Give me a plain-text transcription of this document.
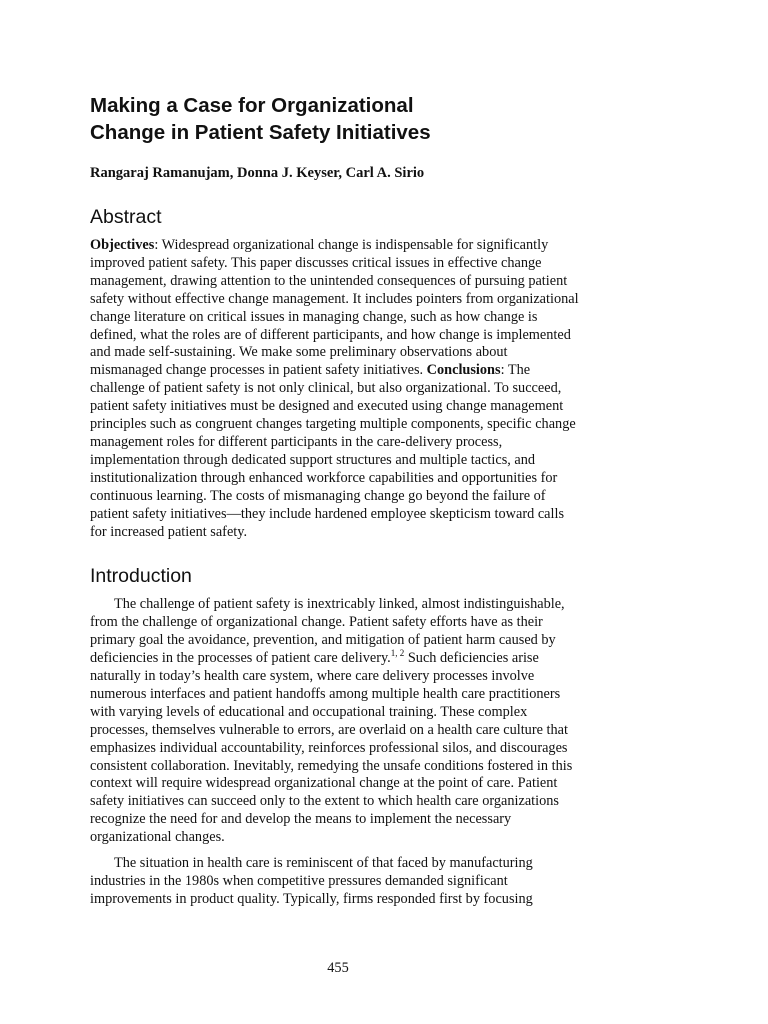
Making a Case for Organizational
Change in Patient Safety Initiatives
Rangaraj Ramanujam, Donna J. Keyser, Carl A. Sirio
Abstract

Objectives: Widespread organizational change is indispensable for significantly improved patient safety. This paper discusses critical issues in effective change management, drawing attention to the unintended consequences of pursuing patient safety without effective change management. It includes pointers from organizational change literature on critical issues in managing change, such as how change is defined, what the roles are of different participants, and how change is implemented and made self-sustaining. We make some preliminary observations about mismanaged change processes in patient safety initiatives. Conclusions: The challenge of patient safety is not only clinical, but also organizational. To succeed, patient safety initiatives must be designed and executed using change management principles such as congruent changes targeting multiple components, specific change management roles for different participants in the care-delivery process, implementation through dedicated support structures and multiple tactics, and institutionalization through enhanced workforce capabilities and opportunities for continuous learning. The costs of mismanaging change go beyond the failure of patient safety initiatives—they include hardened employee skepticism toward calls for increased patient safety.

Introduction

The challenge of patient safety is inextricably linked, almost indistinguishable, from the challenge of organizational change. Patient safety efforts have as their primary goal the avoidance, prevention, and mitigation of patient harm caused by deficiencies in the processes of patient care delivery.$^{1, 2}$ Such deficiencies arise naturally in today’s health care system, where care delivery processes involve numerous interfaces and patient handoffs among multiple health care practitioners with varying levels of educational and occupational training. These complex processes, themselves vulnerable to errors, are overlaid on a health care culture that emphasizes individual accountability, reinforces professional silos, and discourages consistent collaboration. Inevitably, remedying the unsafe conditions fostered in this context will require widespread organizational change at the point of care. Patient safety initiatives can succeed only to the extent to which health care organizations recognize the need for and develop the means to implement the necessary organizational changes.

The situation in health care is reminiscent of that faced by manufacturing industries in the 1980s when competitive pressures demanded significant improvements in product quality. Typically, firms responded first by focusing

455
